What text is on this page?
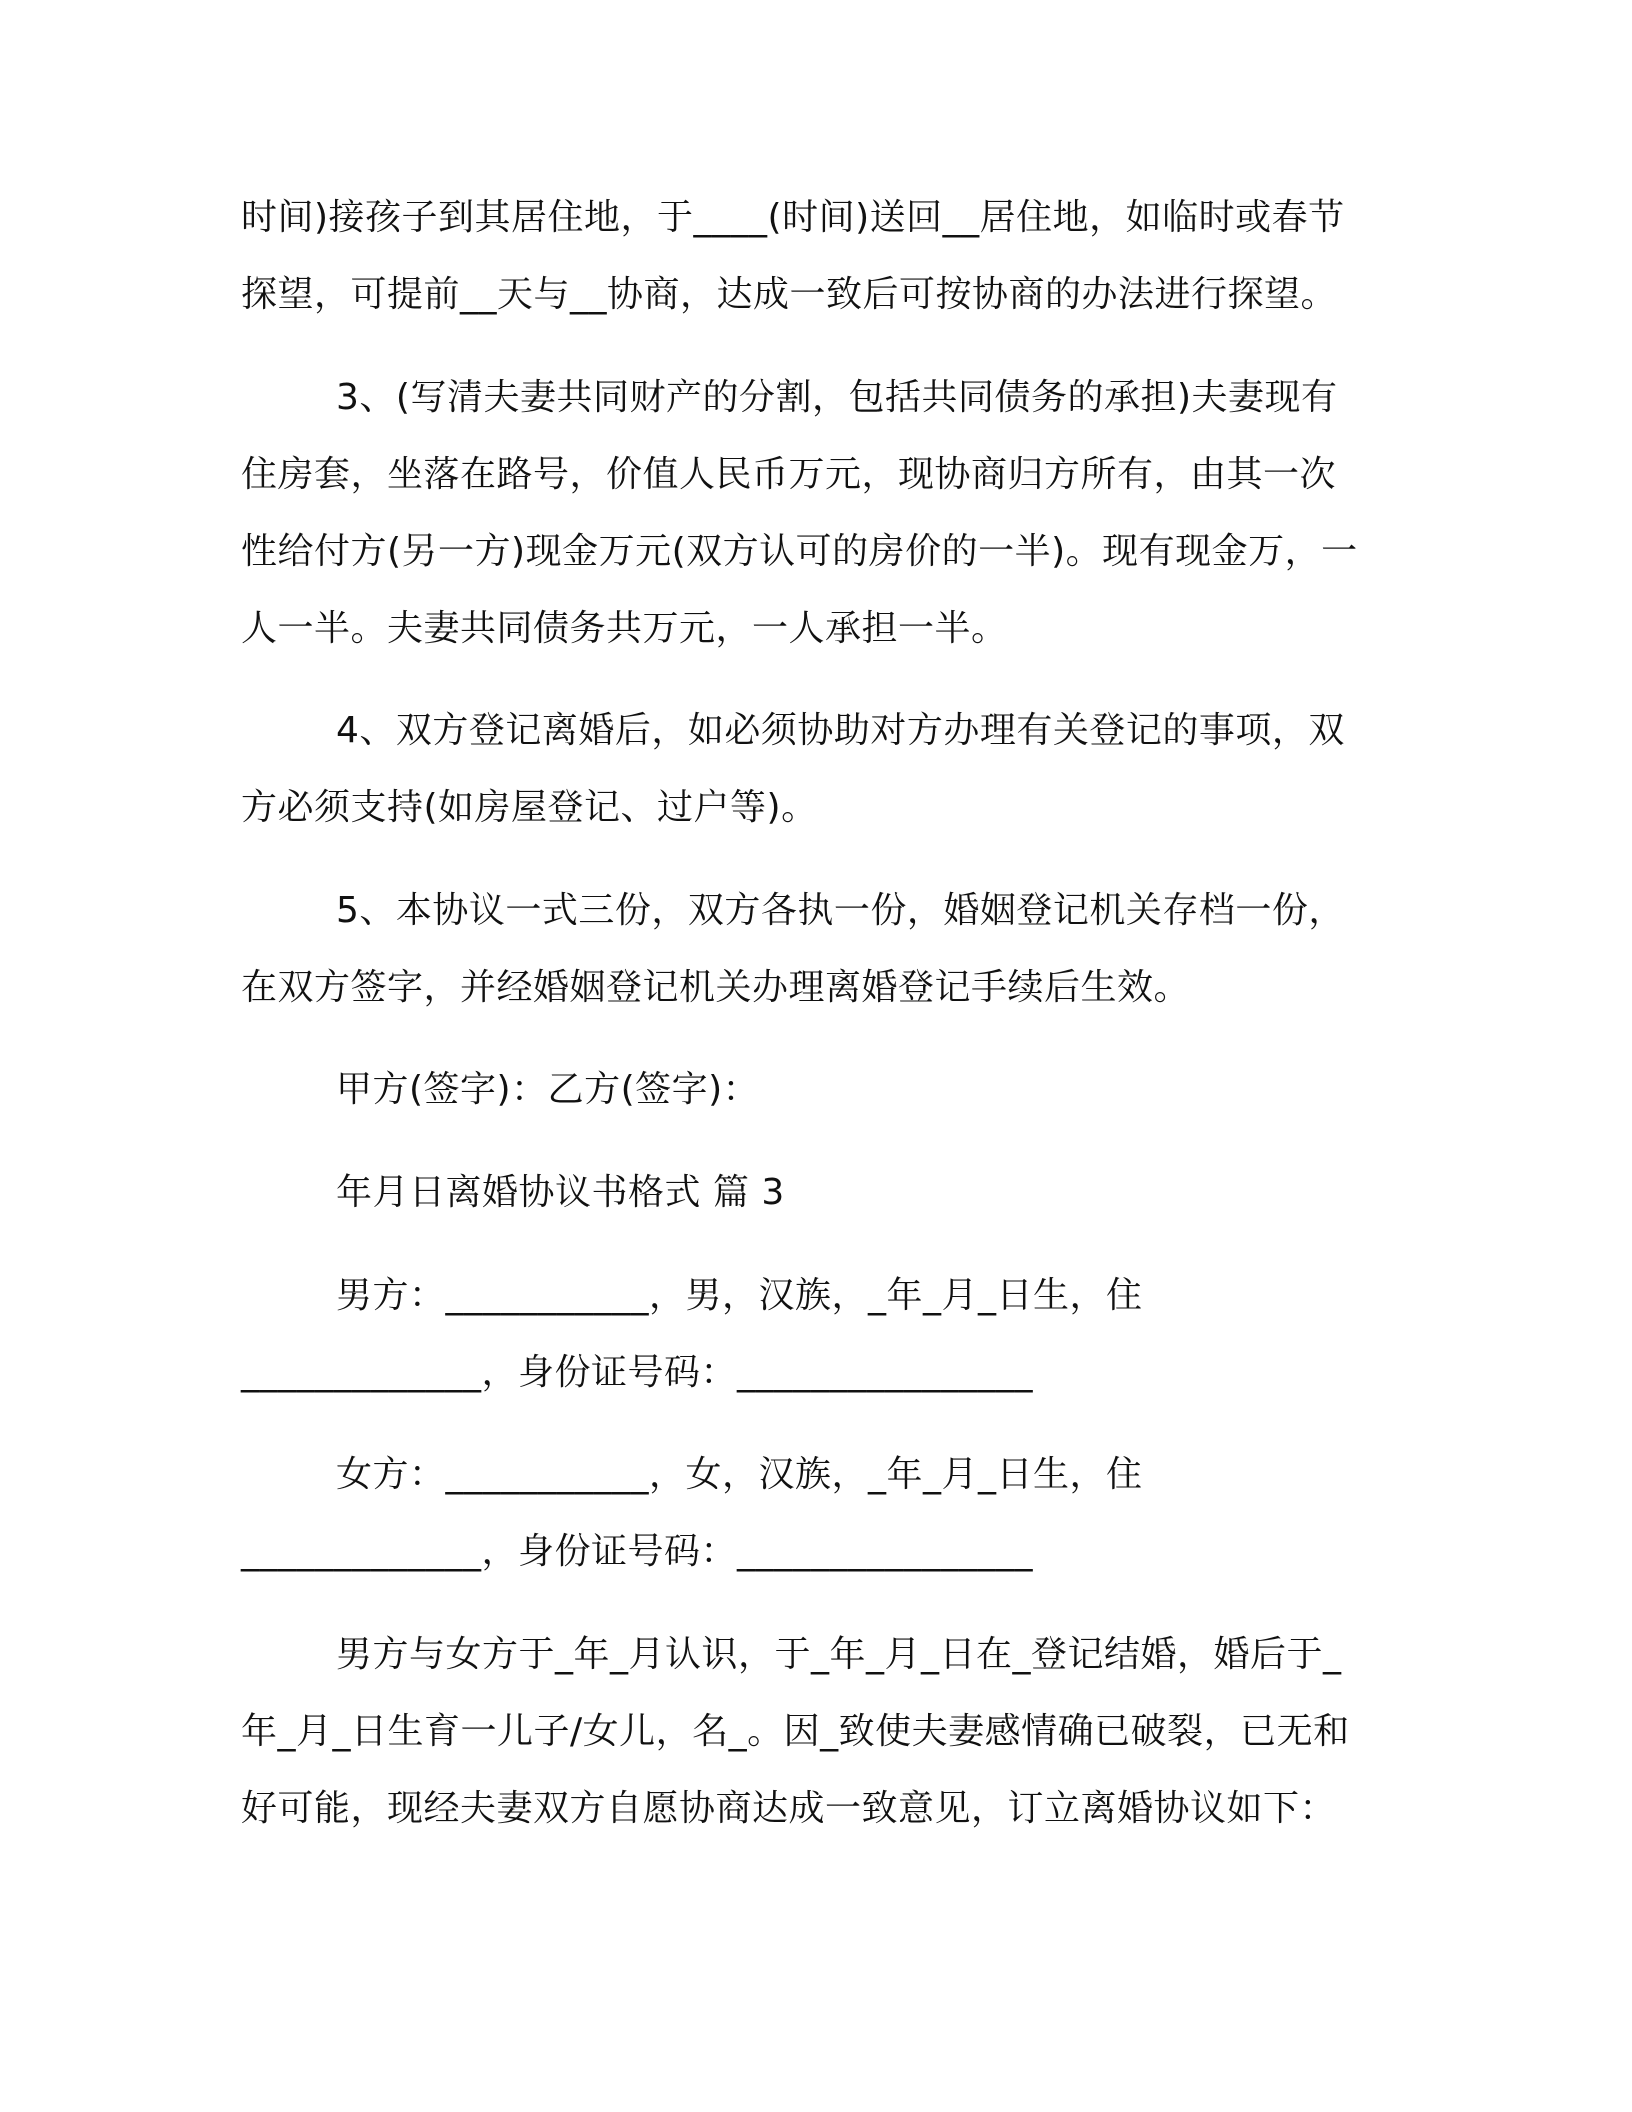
时间)接孩子到其居住地，于____(时间)送回__居住地，如临时或春节
探望，可提前__天与__协商，达成一致后可按协商的办法进行探望。
3、(写清夫妻共同财产的分割，包括共同债务的承担)夫妻现有
住房套，坐落在路号，价值人民币万元，现协商归方所有，由其一次
性给付方(另一方)现金万元(双方认可的房价的一半)。现有现金万，一
人一半。夫妻共同债务共万元，一人承担一半。
4、双方登记离婚后，如必须协助对方办理有关登记的事项，双
方必须支持(如房屋登记、过户等)。
5、本协议一式三份，双方各执一份，婚姻登记机关存档一份，
在双方签字，并经婚姻登记机关办理离婚登记手续后生效。
甲方(签字)：乙方(签字)：
年月日离婚协议书格式 篇 3
男方：___________，男，汉族，_年_月_日生，住
_____________，身份证号码：________________
女方：___________，女，汉族，_年_月_日生，住
_____________，身份证号码：________________
男方与女方于_年_月认识，于_年_月_日在_登记结婚，婚后于_
年_月_日生育一儿子/女儿，名_。因_致使夫妻感情确已破裂，已无和
好可能，现经夫妻双方自愿协商达成一致意见，订立离婚协议如下：
